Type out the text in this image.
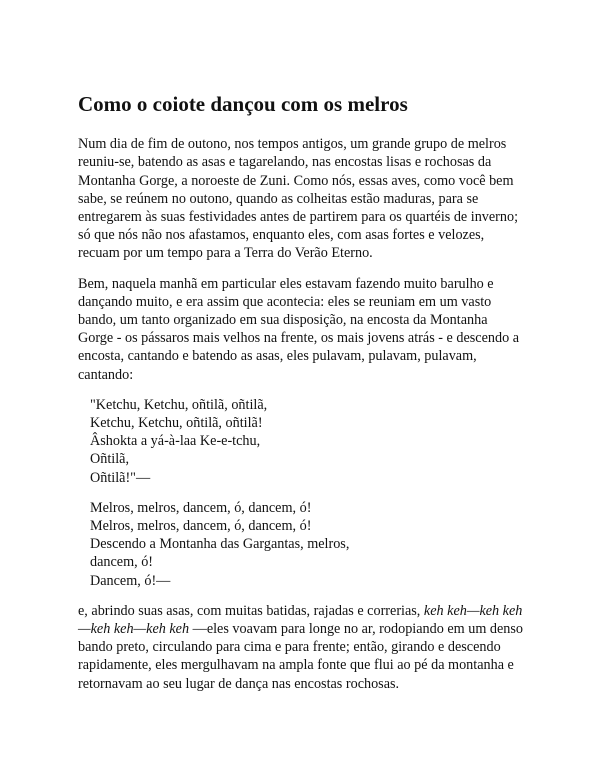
Como o coiote dançou com os melros

Num dia de fim de outono, nos tempos antigos, um grande grupo de melros reuniu-se, batendo as asas e tagarelando, nas encostas lisas e rochosas da Montanha Gorge, a noroeste de Zuni. Como nós, essas aves, como você bem sabe, se reúnem no outono, quando as colheitas estão maduras, para se entregarem às suas festividades antes de partirem para os quartéis de inverno; só que nós não nos afastamos, enquanto eles, com asas fortes e velozes, recuam por um tempo para a Terra do Verão Eterno.

Bem, naquela manhã em particular eles estavam fazendo muito barulho e dançando muito, e era assim que acontecia: eles se reuniam em um vasto bando, um tanto organizado em sua disposição, na encosta da Montanha Gorge - os pássaros mais velhos na frente, os mais jovens atrás - e descendo a encosta, cantando e batendo as asas, eles pulavam, pulavam, pulavam, cantando:

"Ketchu, Ketchu, oñtilã, oñtilã,
Ketchu, Ketchu, oñtilã, oñtilã!
Âshokta a yá-à-laa Ke-e-tchu,
Oñtilã,
Oñtilã!"—
Melros, melros, dancem, ó, dancem, ó!
Melros, melros, dancem, ó, dancem, ó!
Descendo a Montanha das Gargantas, melros,
dancem, ó!
Dancem, ó!—

e, abrindo suas asas, com muitas batidas, rajadas e correrias, keh keh—keh keh—keh keh—keh keh —eles voavam para longe no ar, rodopiando em um denso bando preto, circulando para cima e para frente; então, girando e descendo rapidamente, eles mergulhavam na ampla fonte que flui ao pé da montanha e retornavam ao seu lugar de dança nas encostas rochosas.
